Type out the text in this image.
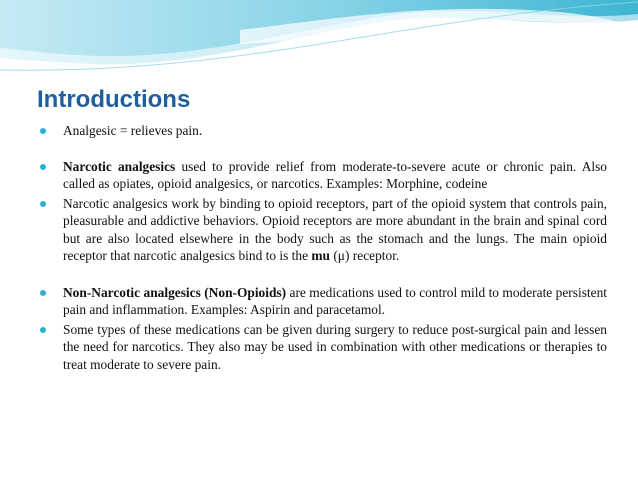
Introductions
Analgesic = relieves pain.
Narcotic analgesics used to provide relief from moderate-to-severe acute or chronic pain. Also called as opiates, opioid analgesics, or narcotics. Examples: Morphine, codeine
Narcotic analgesics work by binding to opioid receptors, part of the opioid system that controls pain, pleasurable and addictive behaviors. Opioid receptors are more abundant in the brain and spinal cord but are also located elsewhere in the body such as the stomach and the lungs. The main opioid receptor that narcotic analgesics bind to is the mu (μ) receptor.
Non-Narcotic analgesics (Non-Opioids) are medications used to control mild to moderate persistent pain and inflammation. Examples: Aspirin and paracetamol.
Some types of these medications can be given during surgery to reduce post-surgical pain and lessen the need for narcotics. They also may be used in combination with other medications or therapies to treat moderate to severe pain.
